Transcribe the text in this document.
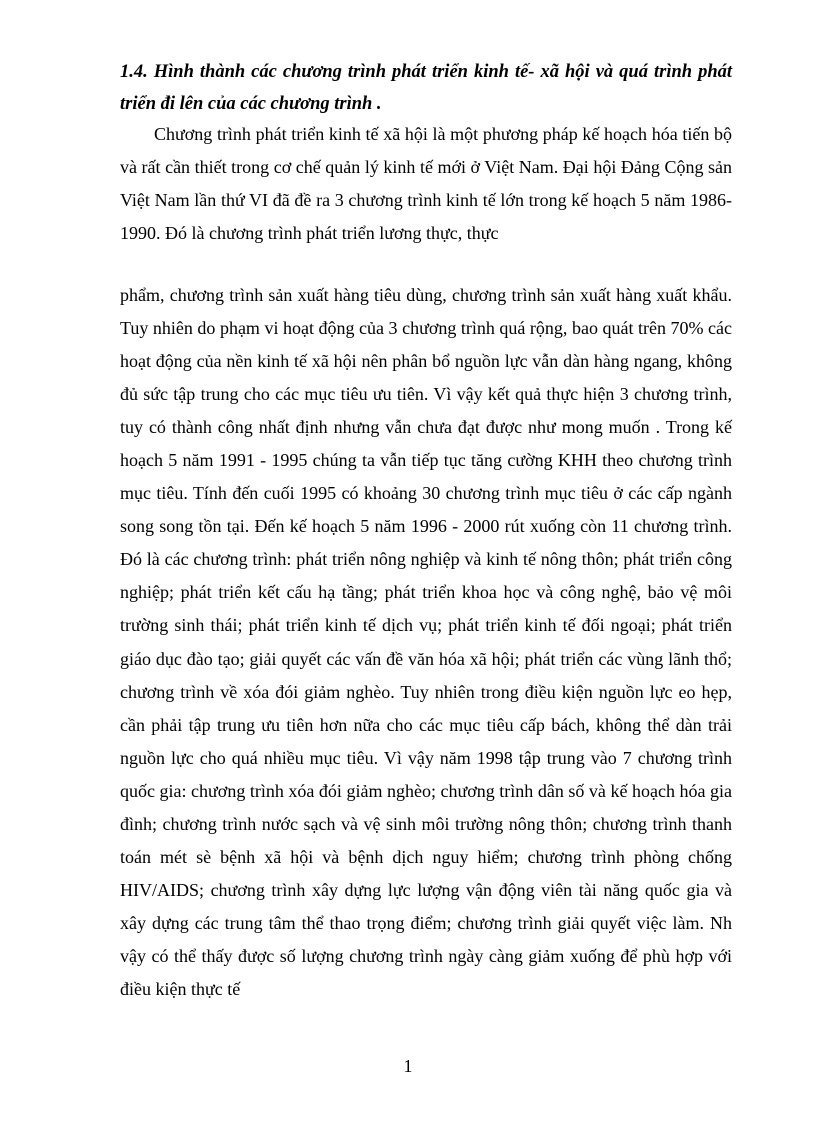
1.4. Hình thành các chương trình phát triển kinh tế- xã hội và quá trình phát triển đi lên của các chương trình .

Chương trình phát triển kinh tế xã hội là một phương pháp kế hoạch hóa tiến bộ và rất cần thiết trong cơ chế quản lý kinh tế mới ở Việt Nam. Đại hội Đảng Cộng sản Việt Nam lần thứ VI đã đề ra 3 chương trình kinh tế lớn trong kế hoạch 5 năm 1986-1990. Đó là chương trình phát triển lương thực, thực

phẩm, chương trình sản xuất hàng tiêu dùng, chương trình sản xuất hàng xuất khẩu. Tuy nhiên do phạm vi hoạt động của 3 chương trình quá rộng, bao quát trên 70% các hoạt động của nền kinh tế xã hội nên phân bổ nguồn lực vẫn dàn hàng ngang, không đủ sức tập trung cho các mục tiêu ưu tiên. Vì vậy kết quả thực hiện 3 chương trình, tuy có thành công nhất định nhưng vẫn chưa đạt được như mong muốn . Trong kế hoạch 5 năm 1991 - 1995 chúng ta vẫn tiếp tục tăng cường KHH theo chương trình mục tiêu. Tính đến cuối 1995 có khoảng 30 chương trình mục tiêu ở các cấp ngành song song tồn tại. Đến kế hoạch 5 năm 1996 - 2000 rút xuống còn 11 chương trình. Đó là các chương trình: phát triển nông nghiệp và kinh tế nông thôn; phát triển công nghiệp; phát triển kết cấu hạ tầng; phát triển khoa học và công nghệ, bảo vệ môi trường sinh thái; phát triển kinh tế dịch vụ; phát triển kinh tế đối ngoại; phát triển giáo dục đào tạo; giải quyết các vấn đề văn hóa xã hội; phát triển các vùng lãnh thổ; chương trình về xóa đói giảm nghèo. Tuy nhiên trong điều kiện nguồn lực eo hẹp, cần phải tập trung ưu tiên hơn nữa cho các mục tiêu cấp bách, không thể dàn trải nguồn lực cho quá nhiều mục tiêu. Vì vậy năm 1998 tập trung vào 7 chương trình quốc gia: chương trình xóa đói giảm nghèo; chương trình dân số và kế hoạch hóa gia đình; chương trình nước sạch và vệ sinh môi trường nông thôn; chương trình thanh toán mét sè bệnh xã hội và bệnh dịch nguy hiểm; chương trình phòng chống HIV/AIDS; chương trình xây dựng lực lượng vận động viên tài năng quốc gia và xây dựng các trung tâm thể thao trọng điểm; chương trình giải quyết việc làm. Nh vậy có thể thấy được số lượng chương trình ngày càng giảm xuống để phù hợp với điều kiện thực tế

1
